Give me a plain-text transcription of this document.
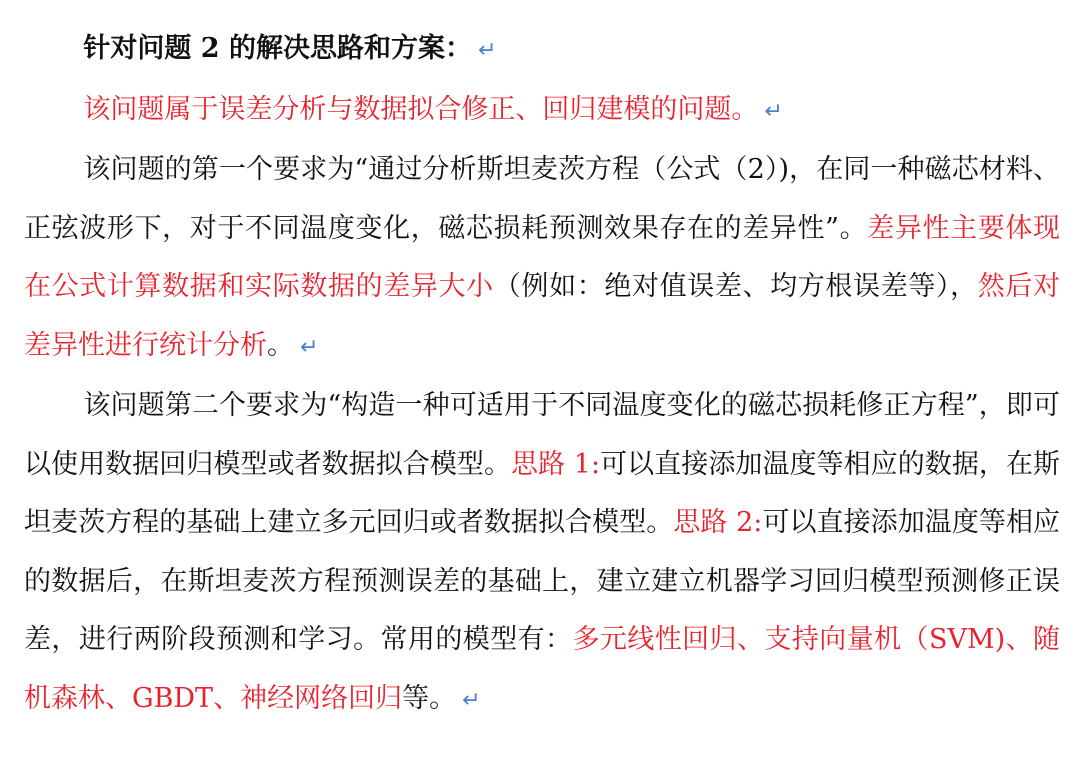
针对问题 2 的解决思路和方案： ↵

该问题属于误差分析与数据拟合修正、回归建模的问题。 ↵

该问题的第一个要求为“通过分析斯坦麦茨方程（公式（2）)，在同一种磁芯材料、正弦波形下，对于不同温度变化，磁芯损耗预测效果存在的差异性”。差异性主要体现在公式计算数据和实际数据的差异大小（例如：绝对值误差、均方根误差等），然后对差异性进行统计分析。 ↵

该问题第二个要求为“构造一种可适用于不同温度变化的磁芯损耗修正方程”，即可以使用数据回归模型或者数据拟合模型。思路 1:可以直接添加温度等相应的数据，在斯坦麦茨方程的基础上建立多元回归或者数据拟合模型。思路 2:可以直接添加温度等相应的数据后，在斯坦麦茨方程预测误差的基础上，建立建立机器学习回归模型预测修正误差，进行两阶段预测和学习。常用的模型有：多元线性回归、支持向量机（SVM)、随机森林、GBDT、神经网络回归等。 ↵
